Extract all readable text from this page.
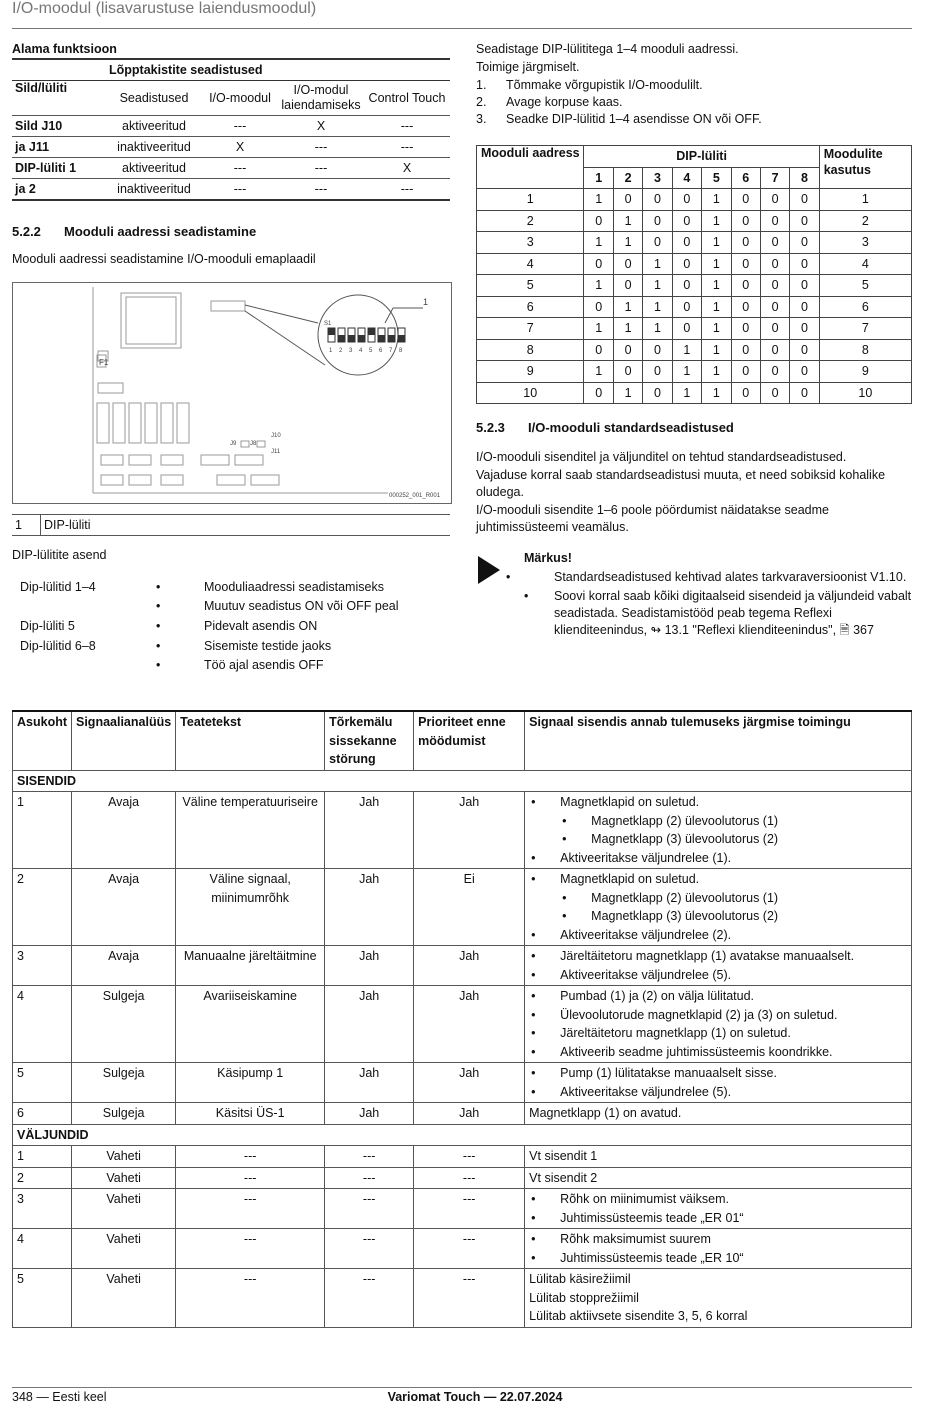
I/O-moodul (lisavarustuse laiendusmoodul)
Alama funktsioon
	Lõpptakistite seadistused			
Sild/lüliti	Seadistused	I/O-moodul	I/O-modul laiendamiseks	Control Touch
Sild J10	aktiveeritud	---	X	---
ja J11	inaktiveeritud	X	---	---
DIP-lüliti 1	aktiveeritud	---	---	X
ja 2	inaktiveeritud	---	---	---
5.2.2 Mooduli aadressi seadistamine
Mooduli aadressi seadistamine I/O-mooduli emaplaadil
1
F1
S1
J10
J11
J9 J8
000252_001_R001
1 2 3 4 5 6 7 8
1	DIP-lüliti
DIP-lülitite asend
Dip-lülitid 1–4	• Mooduliaadressi seadistamiseks
• Muutuv seadistus ON või OFF peal
Dip-lüliti 5	• Pidevalt asendis ON
Dip-lülitid 6–8	• Sisemiste testide jaoks
• Töö ajal asendis OFF
Seadistage DIP-lülititega 1–4 mooduli aadressi.
Toimige järgmiselt.
1. Tõmmake võrgupistik I/O-moodulilt.
2. Avage korpuse kaas.
3. Seadke DIP-lülitid 1–4 asendisse ON või OFF.
Mooduli aadress	DIP-lüliti								Moodulite kasutus
	1	2	3	4	5	6	7	8	
1	1	0	0	0	1	0	0	0	1
2	0	1	0	0	1	0	0	0	2
3	1	1	0	0	1	0	0	0	3
4	0	0	1	0	1	0	0	0	4
5	1	0	1	0	1	0	0	0	5
6	0	1	1	0	1	0	0	0	6
7	1	1	1	0	1	0	0	0	7
8	0	0	0	1	1	0	0	0	8
9	1	0	0	1	1	0	0	0	9
10	0	1	0	1	1	0	0	0	10
5.2.3 I/O-mooduli standardseadistused
I/O-mooduli sisenditel ja väljunditel on tehtud standardseadistused.
Vajaduse korral saab standardseadistusi muuta, et need sobiksid kohalike oludega.
I/O-mooduli sisendite 1–6 poole pöördumist näidatakse seadme juhtimissüsteemi veamälus.
Märkus!
• Standardseadistused kehtivad alates tarkvaraversioonist V1.10.
•	Soovi korral saab kõiki digitaalseid sisendeid ja väljundeid vabalt seadistada. Seadistamistööd peab tegema Reflexi klienditeenindus, ↬ 13.1 "Reflexi klienditeenindus", 🗎 367
Asukoht	Signaalianalüüs	Teatetekst	Tõrkemälu sissekanne störung	Prioriteet enne möödumist	Signaal sisendis annab tulemuseks järgmise toimingu
SISENDID					
1	Avaja	Väline temperatuuriseire	Jah	Jah	• Magnetklapid on suletud.
• Magnetklapp (2) ülevoolutorus (1)
• Magnetklapp (3) ülevoolutorus (2)
• Aktiveeritakse väljundrelee (1).

2	Avaja	Väline signaal, miinimumrõhk	Jah	Ei	• Magnetklapid on suletud.
• Magnetklapp (2) ülevoolutorus (1)
• Magnetklapp (3) ülevoolutorus (2)
• Aktiveeritakse väljundrelee (2).

3	Avaja	Manuaalne järeltäitmine	Jah	Jah	• Järeltäitetoru magnetklapp (1) avatakse manuaalselt.
• Aktiveeritakse väljundrelee (5).

4	Sulgeja	Avariiseiskamine	Jah	Jah	• Pumbad (1) ja (2) on välja lülitatud.
• Ülevoolutorude magnetklapid (2) ja (3) on suletud.
• Järeltäitetoru magnetklapp (1) on suletud.
• Aktiveerib seadme juhtimissüsteemis koondrikke.

5	Sulgeja	Käsipump 1	Jah	Jah	• Pump (1) lülitatakse manuaalselt sisse.
• Aktiveeritakse väljundrelee (5).

6	Sulgeja	Käsitsi ÜS-1	Jah	Jah	Magnetklapp (1) on avatud.

VÄLJUNDID					
1	Vaheti	---	---	---	Vt sisendit 1

2	Vaheti	---	---	---	Vt sisendit 2

3	Vaheti	---	---	---	• Rõhk on miinimumist väiksem.
• Juhtimissüsteemis teade „ER 01“

4	Vaheti	---	---	---	• Rõhk maksimumist suurem
• Juhtimissüsteemis teade „ER 10“

5	Vaheti	---	---	---	Lülitab käsirežiimil
Lülitab stopprežiimil
Lülitab aktiivsete sisendite 3, 5, 6 korral
348 — Eesti keel	Variomat Touch — 22.07.2024
